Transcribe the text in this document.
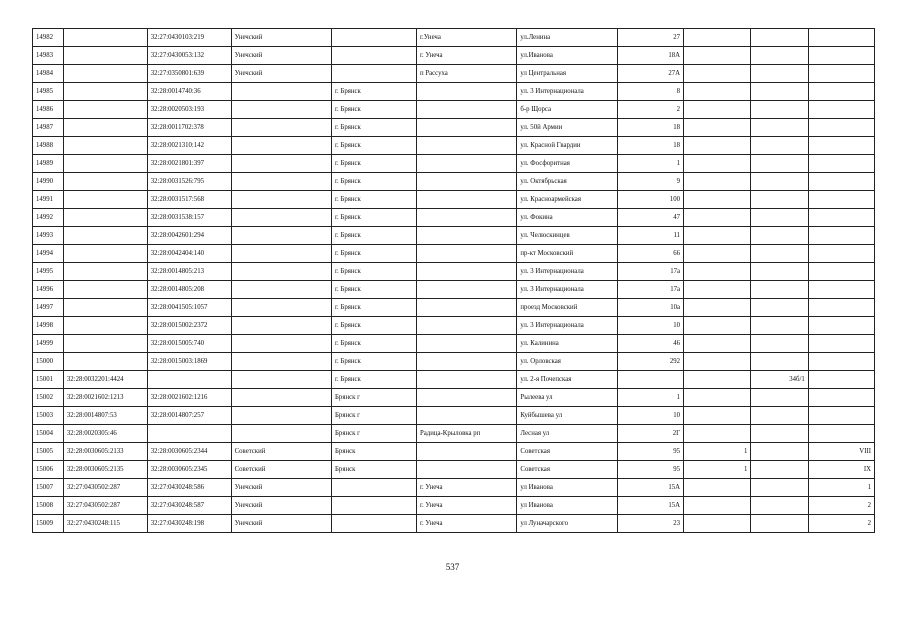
14982		32:27:0430103:219	Унечский		г.Унеча	ул.Ленина	27			
14983		32:27:0430053:132	Унечский		г. Унеча	ул.Иванова	18А			
14984		32:27:0350801:639	Унечский		п Рассуха	ул Центральная	27А			
14985		32:28:0014740:36		г. Брянск		ул. 3 Интернационала	8			
14986		32:28:0020503:193		г. Брянск		б-р Щорса	2			
14987		32:28:0011702:378		г. Брянск		ул. 50й Армии	18			
14988		32:28:0021310:142		г. Брянск		ул. Красной Гвардии	18			
14989		32:28:0021801:397		г. Брянск		ул. Фосфоритная	1			
14990		32:28:0031526:795		г. Брянск		ул. Октябрьская	9			
14991		32:28:0031517:568		г. Брянск		ул. Красноармейская	100			
14992		32:28:0031538:157		г. Брянск		ул. Фокина	47			
14993		32:28:0042601:294		г. Брянск		ул. Челюскинцев	11			
14994		32:28:0042404:140		г. Брянск		пр-кт Московский	66			
14995		32:28:0014805:213		г. Брянск		ул. 3 Интернационала	17а			
14996		32:28:0014805:208		г. Брянск		ул. 3 Интернационала	17а			
14997		32:28:0041505:1057		г. Брянск		проезд Московский	10а			
14998		32:28:0015002:2372		г. Брянск		ул. 3 Интернационала	10			
14999		32:28:0015005:740		г. Брянск		ул. Калинина	46			
15000		32:28:0015003:1869		г. Брянск		ул. Орловская	292			
15001	32:28:0032201:4424			г. Брянск		ул. 2-я Почепская			34б/1	
15002	32:28:0021602:1213	32:28:0021602:1216		Брянск г		Рылеева ул	1			
15003	32:28:0014807:53	32:28:0014807:257		Брянск г		Куйбышева ул	10			
15004	32:28:0020305:46			Брянск г	Радица-Крыловка рп	Лесная ул	2Г			
15005	32:28:0030605:2133	32:28:0030605:2344	Советский	Брянск		Советская	95	1		VIII
15006	32:28:0030605:2135	32:28:0030605:2345	Советский	Брянск		Советская	95	1		IX
15007	32:27:0430502:287	32:27:0430248:586	Унечский		г. Унеча	ул Иванова	15А			1
15008	32:27:0430502:287	32:27:0430248:587	Унечский		г. Унеча	ул Иванова	15А			2
15009	32:27:0430248:115	32:27:0430248:198	Унечский		г. Унеча	ул Луначарского	23			2
537
